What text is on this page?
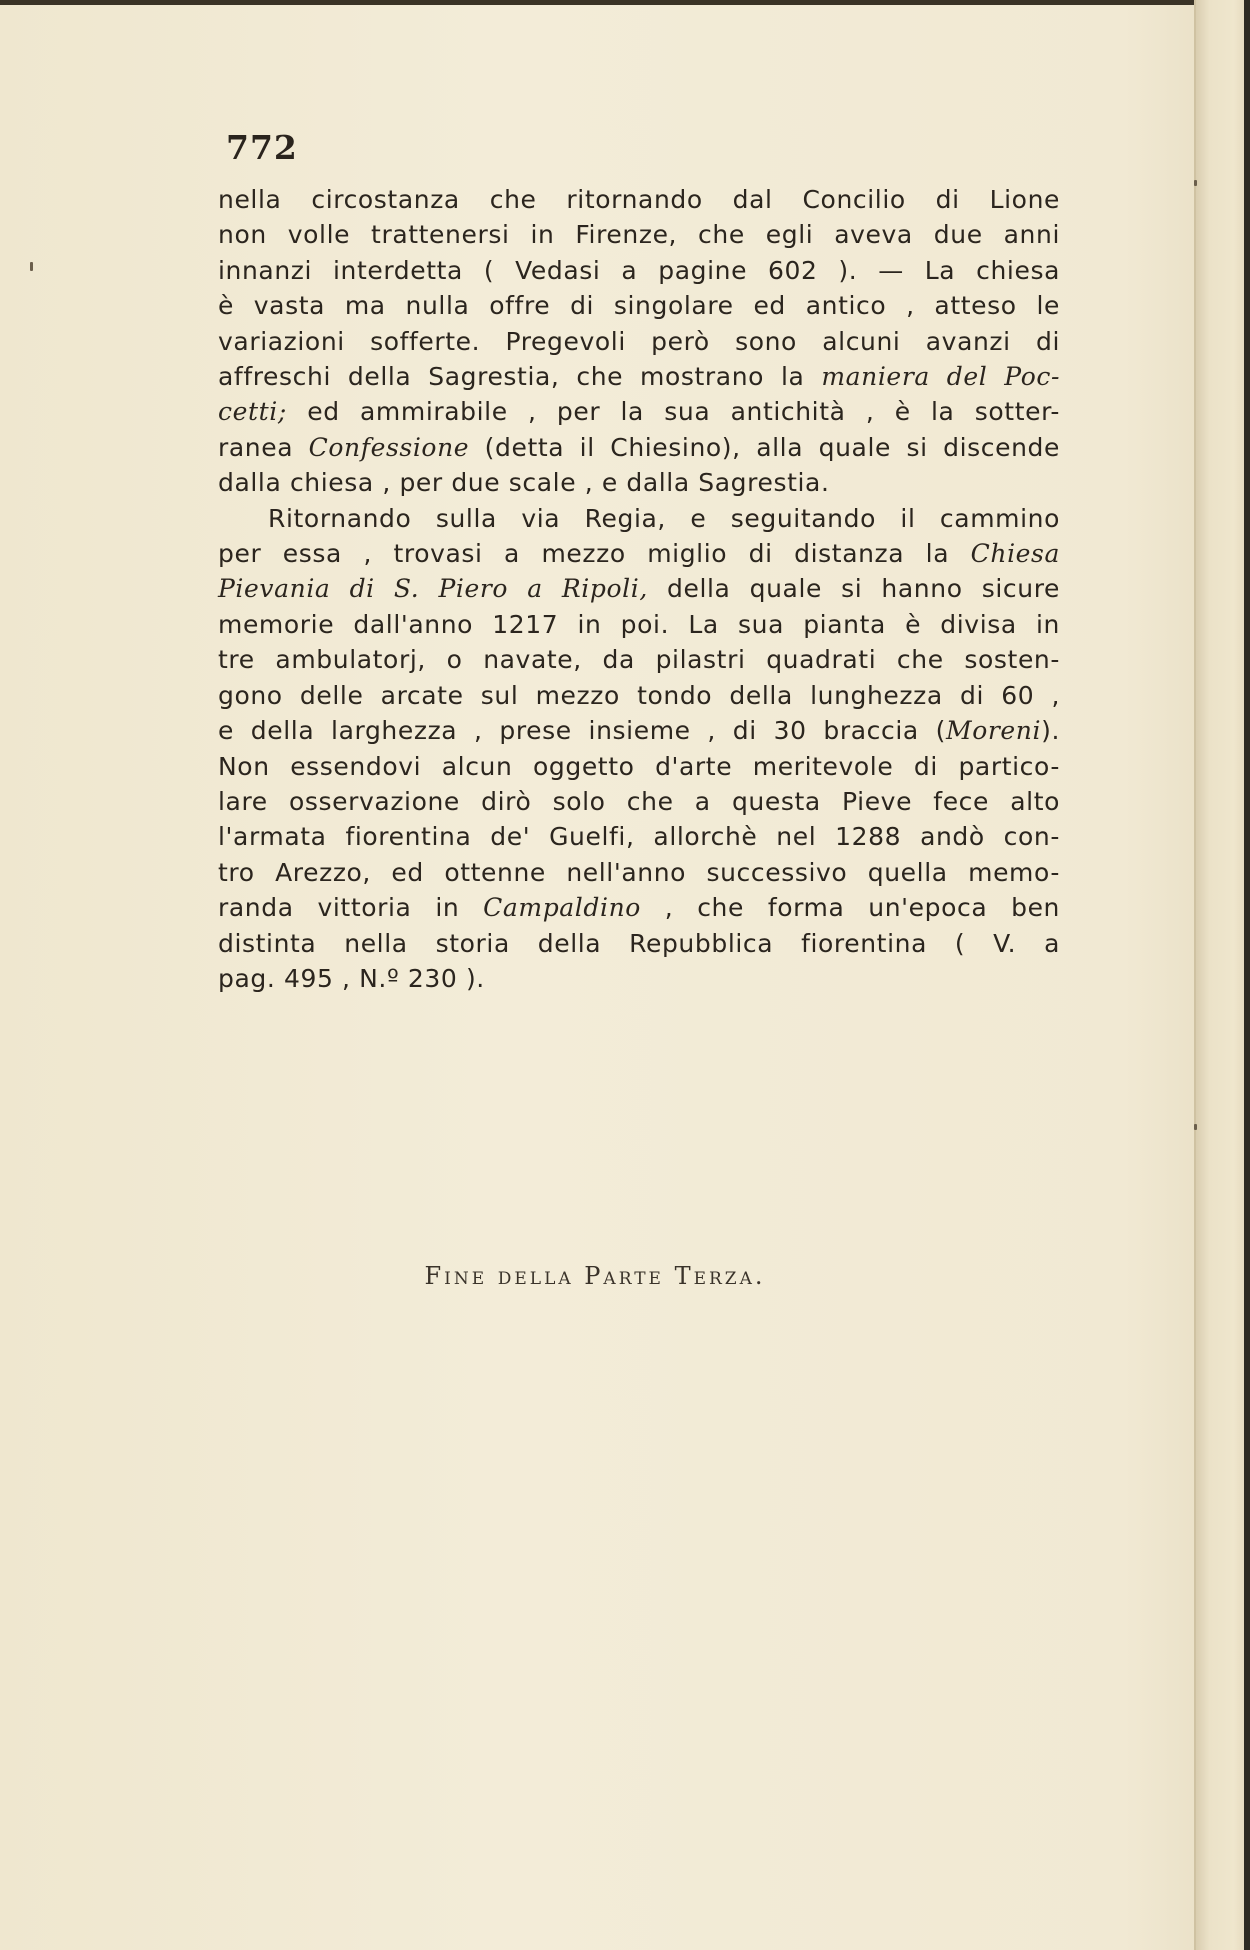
772
nella circostanza che ritornando dal Concilio di Lione
non volle trattenersi in Firenze, che egli aveva due anni
innanzi interdetta ( Vedasi a pagine 602 ). — La chiesa
è vasta ma nulla offre di singolare ed antico , atteso le
variazioni sofferte. Pregevoli però sono alcuni avanzi di
affreschi della Sagrestia, che mostrano la maniera del Poc-
cetti; ed ammirabile , per la sua antichità , è la sotter-
ranea Confessione (detta il Chiesino), alla quale si discende
dalla chiesa , per due scale , e dalla Sagrestia.
Ritornando sulla via Regia, e seguitando il cammino
per essa , trovasi a mezzo miglio di distanza la Chiesa
Pievania di S. Piero a Ripoli, della quale si hanno sicure
memorie dall'anno 1217 in poi. La sua pianta è divisa in
tre ambulatorj, o navate, da pilastri quadrati che sosten-
gono delle arcate sul mezzo tondo della lunghezza di 60 ,
e della larghezza , prese insieme , di 30 braccia (Moreni).
Non essendovi alcun oggetto d'arte meritevole di partico-
lare osservazione dirò solo che a questa Pieve fece alto
l'armata fiorentina de' Guelfi, allorchè nel 1288 andò con-
tro Arezzo, ed ottenne nell'anno successivo quella memo-
randa vittoria in Campaldino , che forma un'epoca ben
distinta nella storia della Repubblica fiorentina ( V. a
pag. 495 , N.º 230 ).
Fine della Parte Terza.
